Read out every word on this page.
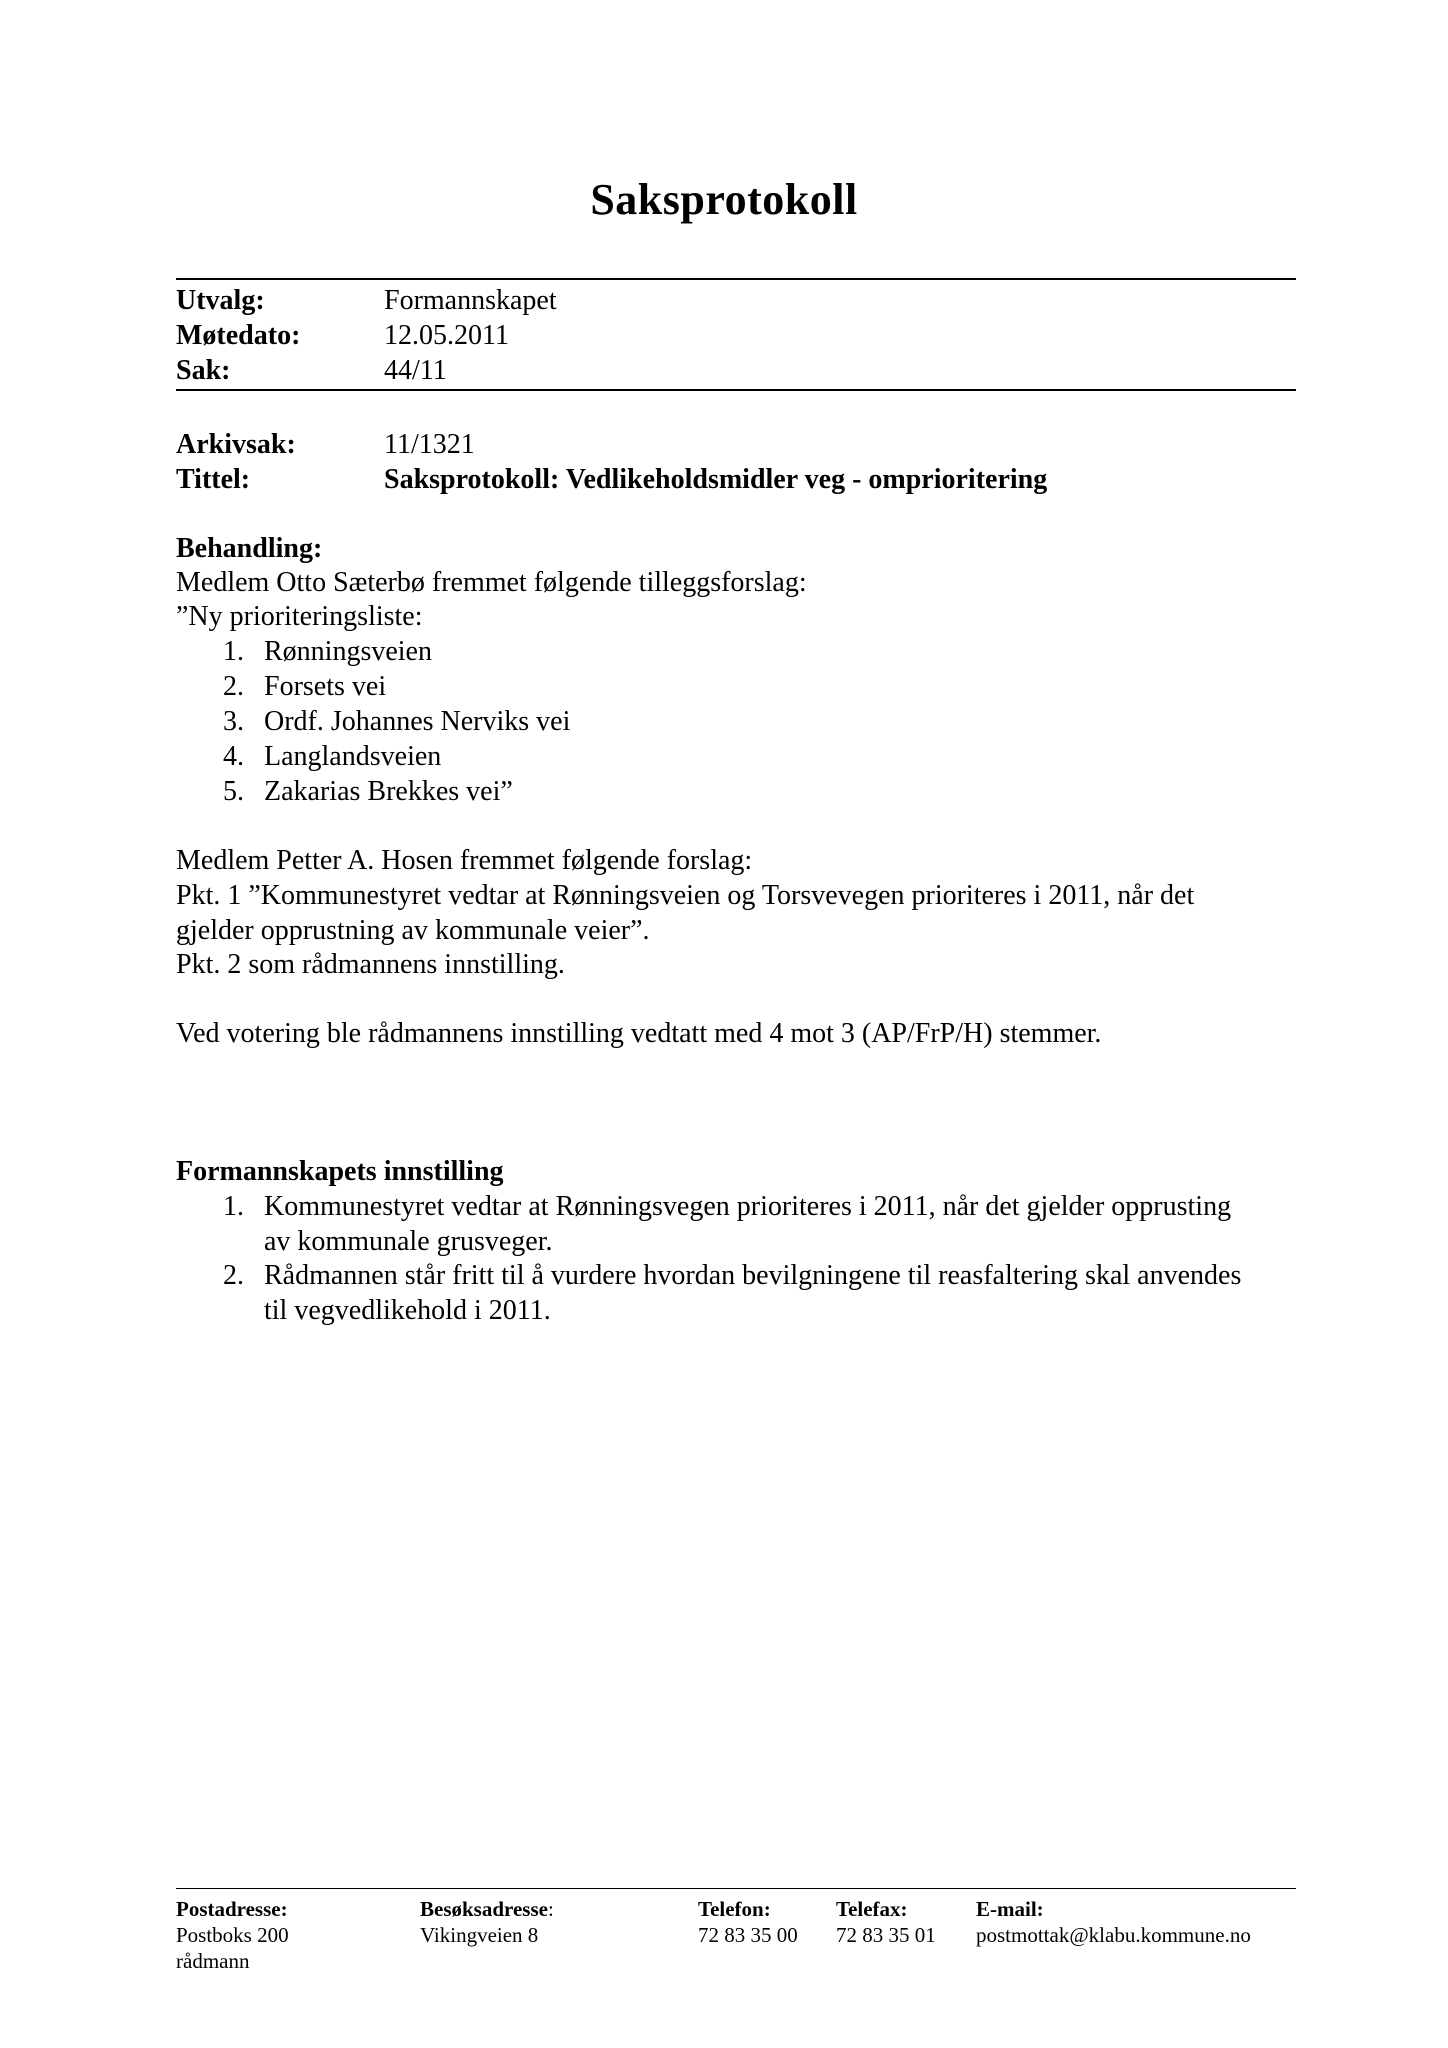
Saksprotokoll
Utvalg:	Formannskapet
Møtedato:	12.05.2011
Sak:	44/11
Arkivsak:	11/1321
Tittel:	Saksprotokoll: Vedlikeholdsmidler veg - omprioritering
Behandling:
Medlem Otto Sæterbø fremmet følgende tilleggsforslag:
”Ny prioriteringsliste:
1. Rønningsveien
2. Forsets vei
3. Ordf. Johannes Nerviks vei
4. Langlandsveien
5. Zakarias Brekkes vei”
Medlem Petter A. Hosen fremmet følgende forslag:
Pkt. 1 ”Kommunestyret vedtar at Rønningsveien og Torsvevegen prioriteres i 2011, når det
gjelder opprustning av kommunale veier”.
Pkt. 2 som rådmannens innstilling.
Ved votering ble rådmannens innstilling vedtatt med 4 mot 3 (AP/FrP/H) stemmer.
Formannskapets innstilling
1. Kommunestyret vedtar at Rønningsvegen prioriteres i 2011, når det gjelder opprusting
av kommunale grusveger.
2. Rådmannen står fritt til å vurdere hvordan bevilgningene til reasfaltering skal anvendes
til vegvedlikehold i 2011.
Postadresse:
Postboks 200
rådmann
Besøksadresse:
Vikingveien 8
Telefon:
72 83 35 00
Telefax:
72 83 35 01
E-mail:
postmottak@klabu.kommune.no
